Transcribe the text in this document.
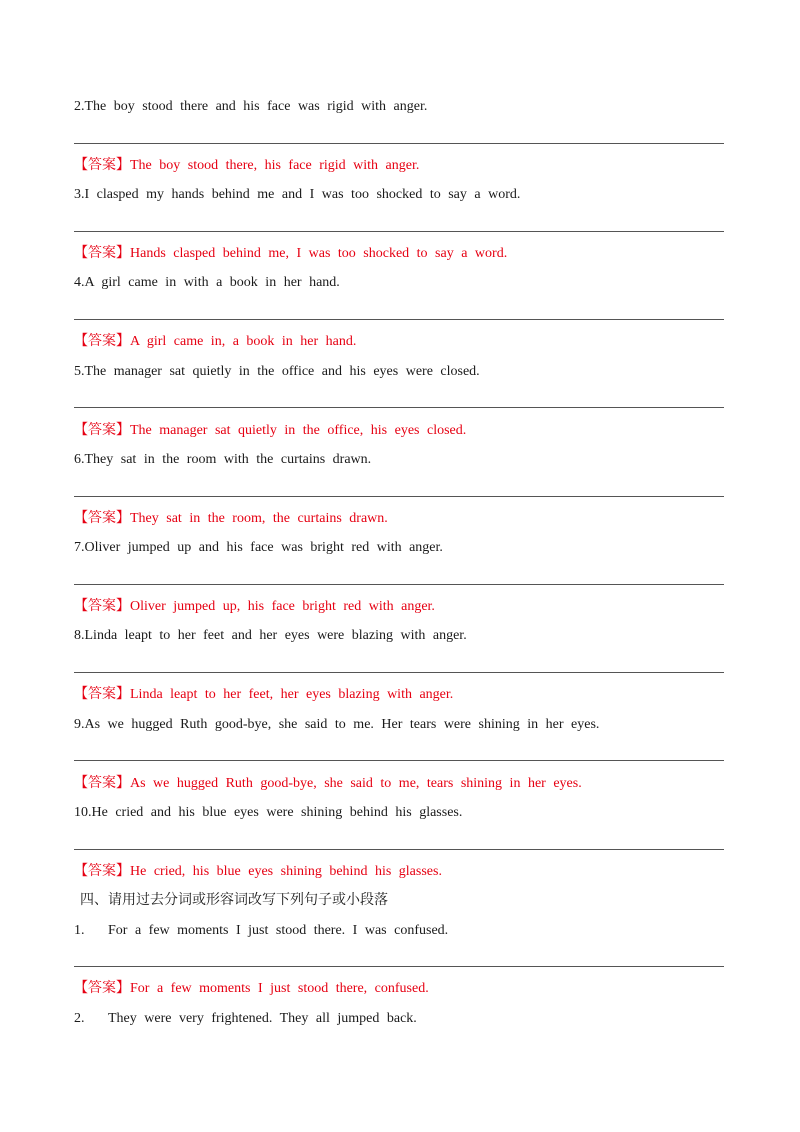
2.The boy stood there and his face was rigid with anger.
【答案】The boy stood there, his face rigid with anger.
3.I clasped my hands behind me and I was too shocked to say a word.
【答案】Hands clasped behind me, I was too shocked to say a word.
4.A girl came in with a book in her hand.
【答案】A girl came in, a book in her hand.
5.The manager sat quietly in the office and his eyes were closed.
【答案】The manager sat quietly in the office, his eyes closed.
6.They sat in the room with the curtains drawn.
【答案】They sat in the room, the curtains drawn.
7.Oliver jumped up and his face was bright red with anger.
【答案】Oliver jumped up, his face bright red with anger.
8.Linda leapt to her feet and her eyes were blazing with anger.
【答案】Linda leapt to her feet, her eyes blazing with anger.
9.As we hugged Ruth good-bye, she said to me. Her tears were shining in her eyes.
【答案】As we hugged Ruth good-bye, she said to me, tears shining in her eyes.
10.He cried and his blue eyes were shining behind his glasses.
【答案】He cried, his blue eyes shining behind his glasses.
四、请用过去分词或形容词改写下列句子或小段落
1. For a few moments I just stood there. I was confused.
【答案】For a few moments I just stood there, confused.
2. They were very frightened. They all jumped back.
